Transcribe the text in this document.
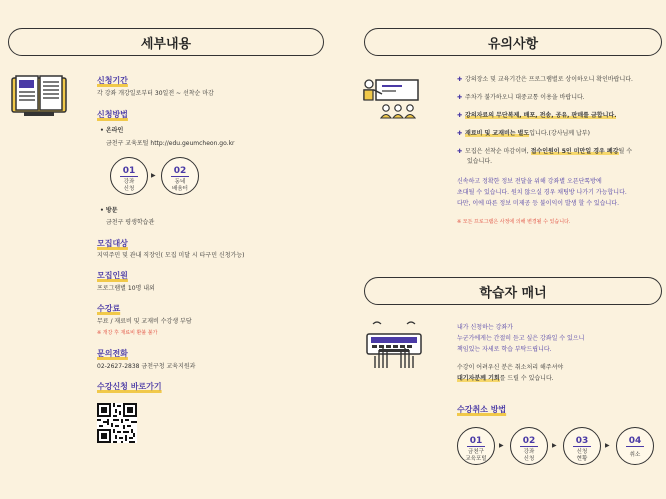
세부내용
신청기간
각 강좌 개강일로부터 30일전 ~ 선착순 마감
신청방법
• 온라인
금천구 교육포털 http://edu.geumcheon.go.kr
01
강좌
신청
▶	02
동네
배움터
• 방문
금천구 평생학습관
모집대상
지역주민 및 관내 직장인( 모집 미달 시 타구민 신청가능)
모집인원
프로그램별 10명 내외
수강료
무료 / 재료비 및 교재비 수강생 부담
※ 개강 후 재료비 환불 불가
문의전화
02-2627-2838 금천구청 교육지원과
수강신청 바로가기
유의사항
✚ 강의장소 및 교육기간은 프로그램별로 상이하오니 확인바랍니다.
✚ 주차가 불가하오니 대중교통 이용을 바랍니다.
✚ 강의자료의 무단복제, 배포, 전송, 공유, 판매를 금합니다.
✚ 재료비 및 교재비는 별도입니다.(강사님께 납부)
✚ 모집은 선착순 마감이며, 접수인원이 5인 미만일 경우 폐강될 수
있습니다.
신속하고 정확한 정보 전달을 위해 강좌별 오픈단톡방에
초대될 수 있습니다. 원치 않으실 경우 채팅방 나가기 가능합니다.
다만, 이에 따른 정보 미제공 등 불이익이 발생 할 수 있습니다.
※ 모든 프로그램은 사정에 의해 변경될 수 있습니다.
학습자 매너
내가 신청하는 강좌가
누군가에게는 간절히 듣고 싶은 강좌일 수 있으니
책임있는 자세로 학습 부탁드립니다.
수강이 어려우신 분은 취소처리 해주셔야
대기자분께 기회를 드릴 수 있습니다.
수강취소 방법
01
금천구
교육포털
▶	02
강좌
신청
▶	03
신청
현황
▶	04
취소
